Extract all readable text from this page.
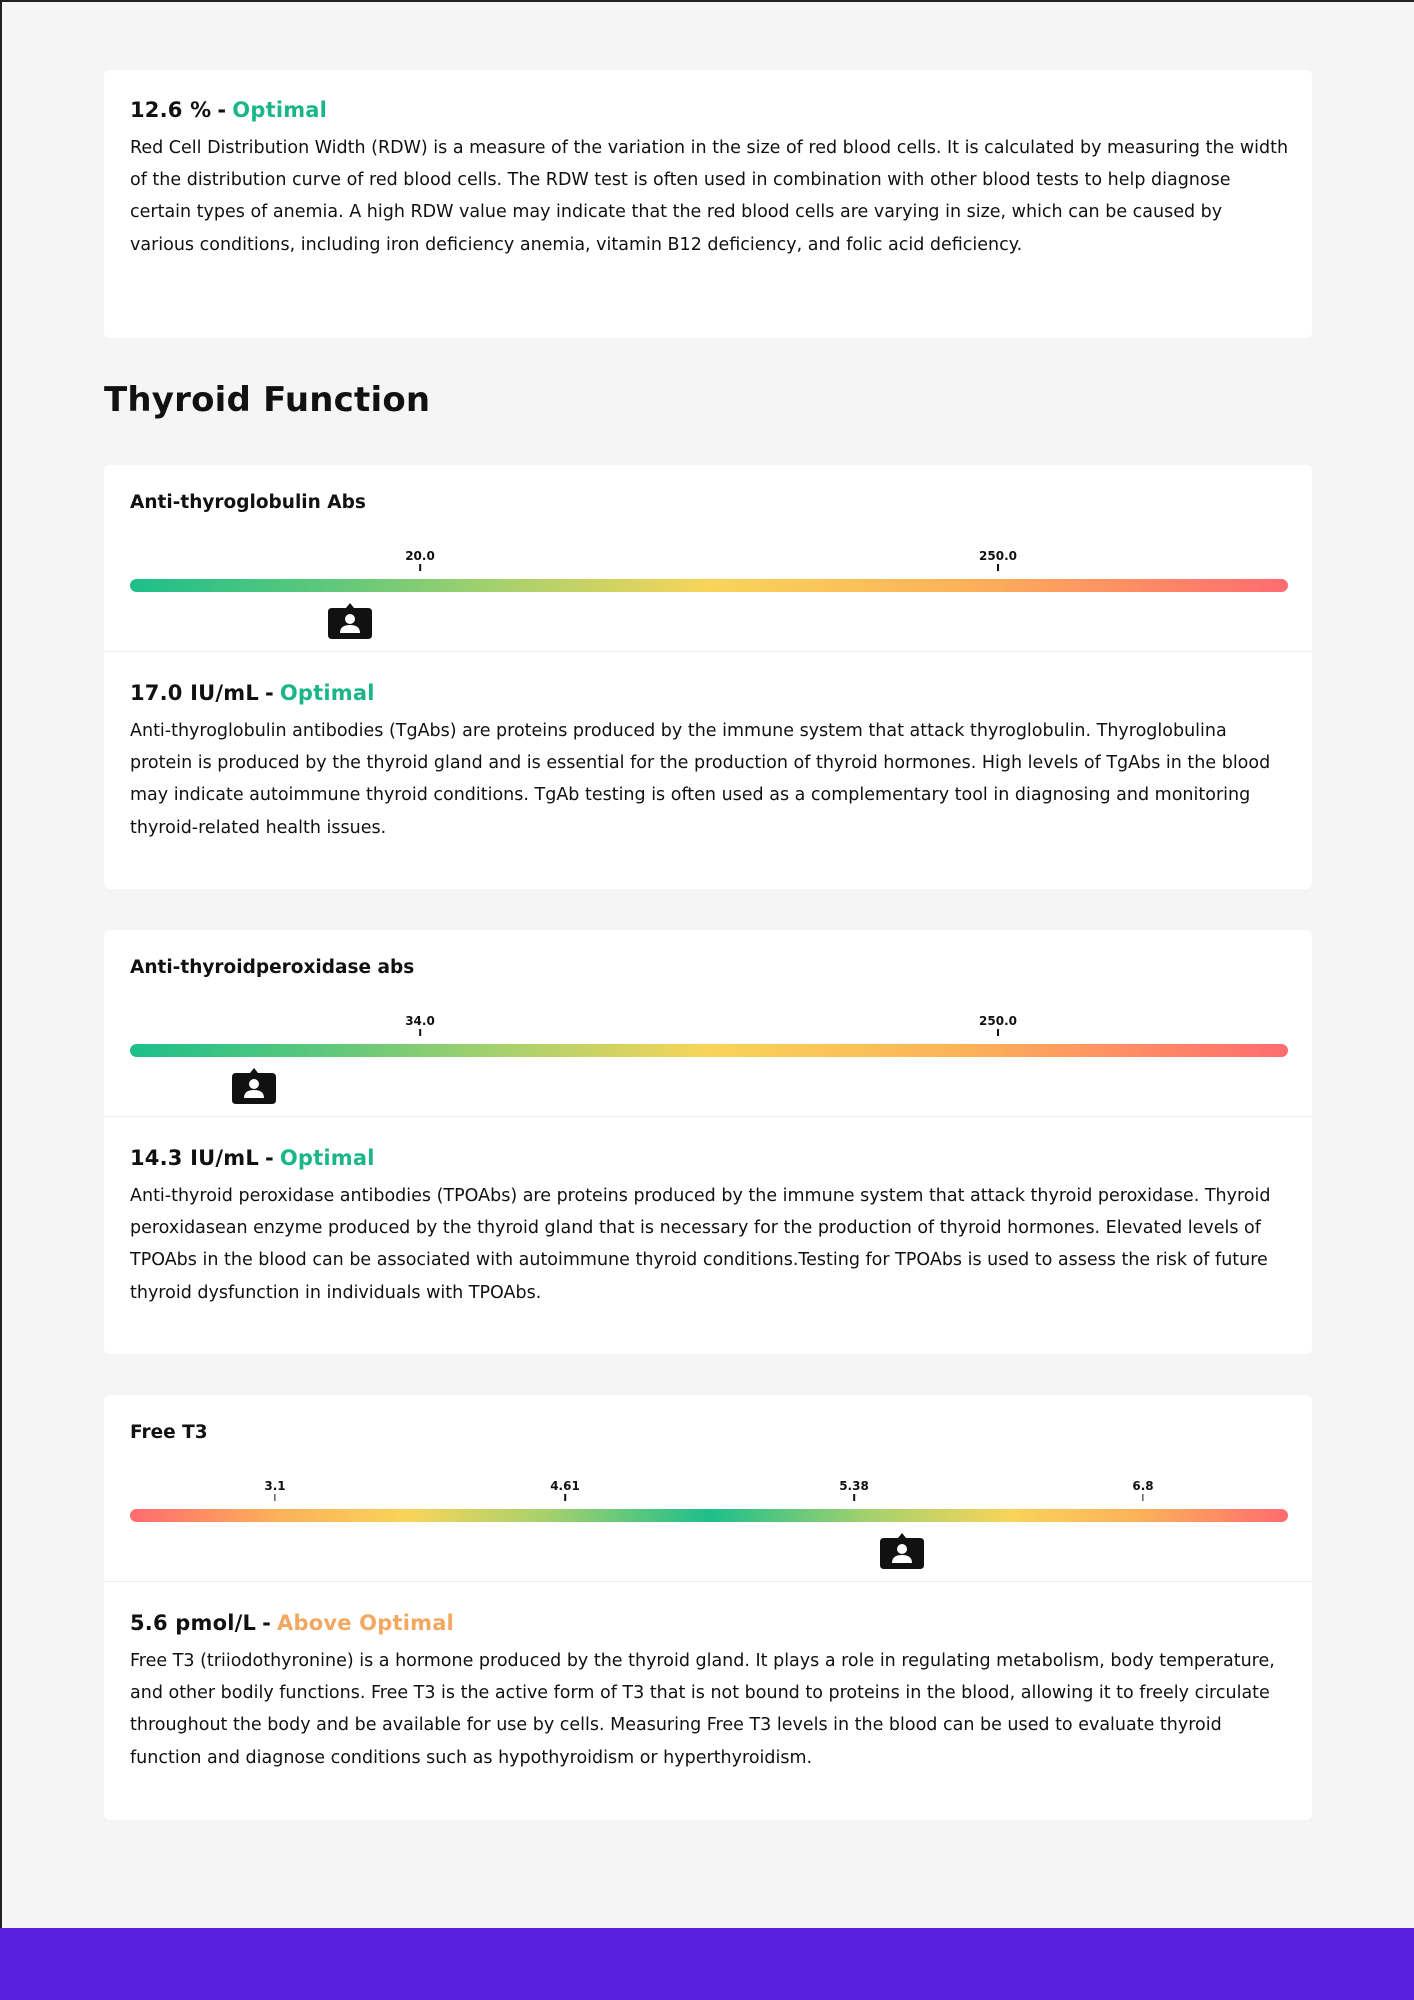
12.6 % - Optimal

Red Cell Distribution Width (RDW) is a measure of the variation in the size of red blood cells. It is calculated by measuring the width of the distribution curve of red blood cells. The RDW test is often used in combination with other blood tests to help diagnose certain types of anemia. A high RDW value may indicate that the red blood cells are varying in size, which can be caused by various conditions, including iron deficiency anemia, vitamin B12 deficiency, and folic acid deficiency.

Thyroid Function

Anti-thyroglobulin Abs

20.0	250.0

17.0 IU/mL - Optimal

Anti-thyroglobulin antibodies (TgAbs) are proteins produced by the immune system that attack thyroglobulin. Thyroglobulina protein is produced by the thyroid gland and is essential for the production of thyroid hormones. High levels of TgAbs in the blood may indicate autoimmune thyroid conditions. TgAb testing is often used as a complementary tool in diagnosing and monitoring thyroid-related health issues.

Anti-thyroidperoxidase abs

34.0	250.0

14.3 IU/mL - Optimal

Anti-thyroid peroxidase antibodies (TPOAbs) are proteins produced by the immune system that attack thyroid peroxidase. Thyroid peroxidasean enzyme produced by the thyroid gland that is necessary for the production of thyroid hormones. Elevated levels of TPOAbs in the blood can be associated with autoimmune thyroid conditions.Testing for TPOAbs is used to assess the risk of future thyroid dysfunction in individuals with TPOAbs.

Free T3

3.1	4.61	5.38	6.8

5.6 pmol/L - Above Optimal

Free T3 (triiodothyronine) is a hormone produced by the thyroid gland. It plays a role in regulating metabolism, body temperature, and other bodily functions. Free T3 is the active form of T3 that is not bound to proteins in the blood, allowing it to freely circulate throughout the body and be available for use by cells. Measuring Free T3 levels in the blood can be used to evaluate thyroid function and diagnose conditions such as hypothyroidism or hyperthyroidism.
